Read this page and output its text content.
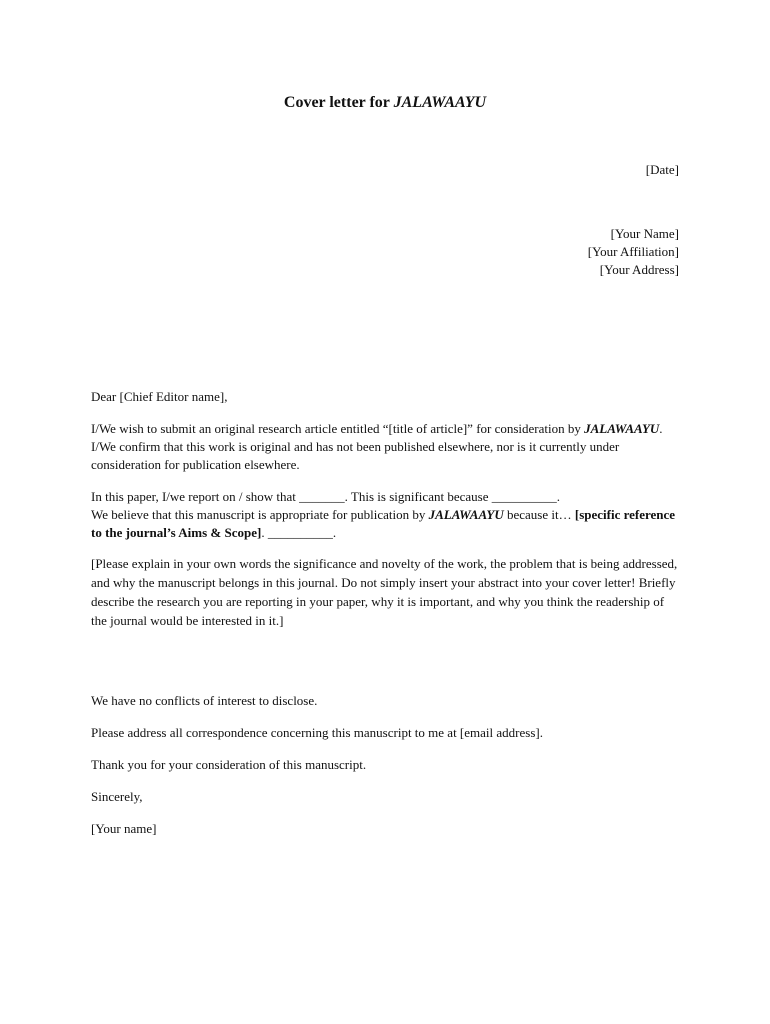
Cover letter for JALAWAAYU
[Date]
[Your Name]
[Your Affiliation]
[Your Address]

Dear [Chief Editor name],

I/We wish to submit an original research article entitled “[title of article]” for consideration by JALAWAAYU.

I/We confirm that this work is original and has not been published elsewhere, nor is it currently under consideration for publication elsewhere.

In this paper, I/we report on / show that _______. This is significant because __________.

We believe that this manuscript is appropriate for publication by JALAWAAYU because it… [specific reference to the journal’s Aims & Scope]. __________.

[Please explain in your own words the significance and novelty of the work, the problem that is being addressed, and why the manuscript belongs in this journal. Do not simply insert your abstract into your cover letter! Briefly describe the research you are reporting in your paper, why it is important, and why you think the readership of the journal would be interested in it.]

We have no conflicts of interest to disclose.

Please address all correspondence concerning this manuscript to me at [email address].

Thank you for your consideration of this manuscript.

Sincerely,

[Your name]
